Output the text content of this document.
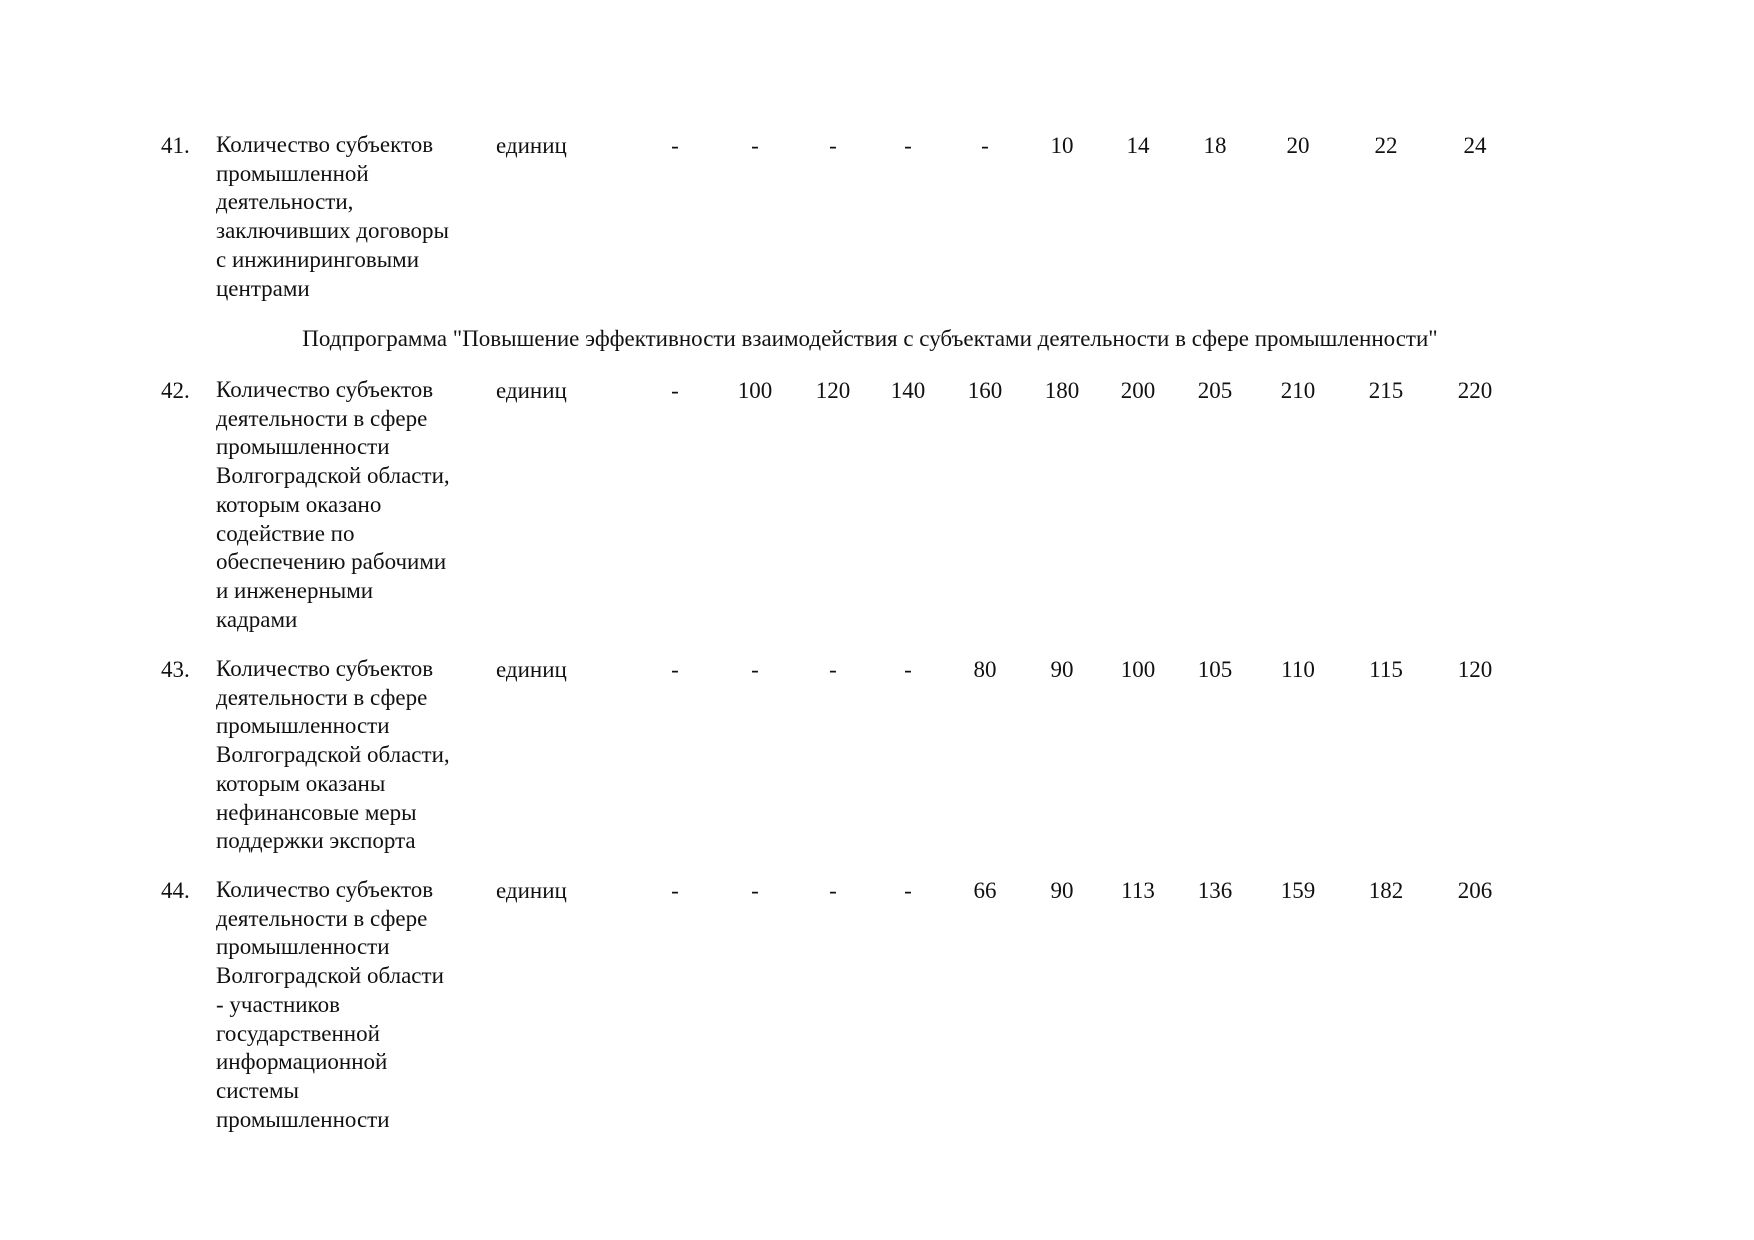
41. Количество субъектов
промышленной
деятельности,
заключивших договоры
с инжиниринговыми
центрами
единиц	-	-	-	-	-	10	14	18	20	22	24
Подпрограмма "Повышение эффективности взаимодействия с субъектами деятельности в сфере промышленности"
42. Количество субъектов
деятельности в сфере
промышленности
Волгоградской области,
которым оказано
содействие по
обеспечению рабочими
и инженерными
кадрами
единиц	-	100	120	140	160	180	200	205	210	215	220
43. Количество субъектов
деятельности в сфере
промышленности
Волгоградской области,
которым оказаны
нефинансовые меры
поддержки экспорта
единиц	-	-	-	-	80	90	100	105	110	115	120
44. Количество субъектов
деятельности в сфере
промышленности
Волгоградской области
- участников
государственной
информационной
системы
промышленности
единиц	-	-	-	-	66	90	113	136	159	182	206
